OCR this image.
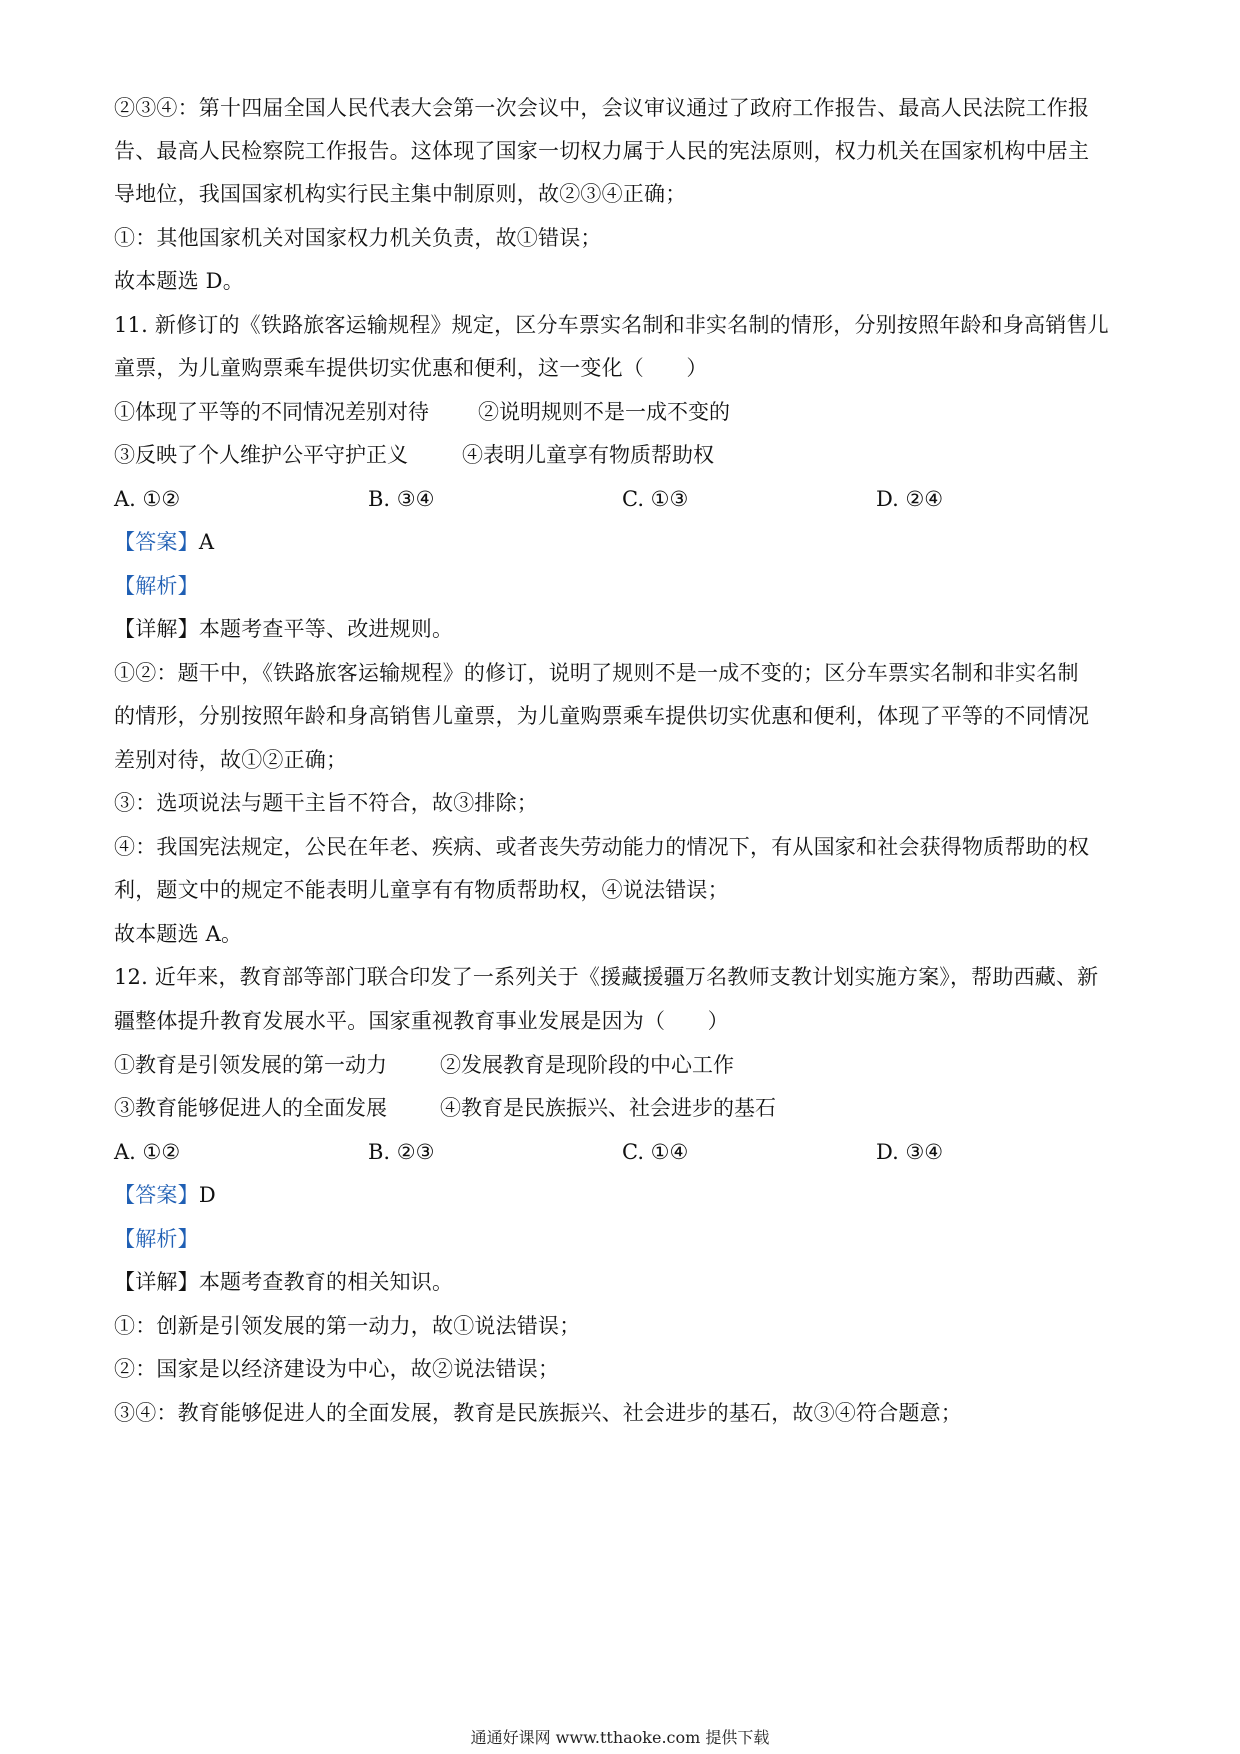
②③④：第十四届全国人民代表大会第一次会议中，会议审议通过了政府工作报告、最高人民法院工作报
告、最高人民检察院工作报告。这体现了国家一切权力属于人民的宪法原则，权力机关在国家机构中居主
导地位，我国国家机构实行民主集中制原则，故②③④正确；
①：其他国家机关对国家权力机关负责，故①错误；
故本题选 D。
11. 新修订的《铁路旅客运输规程》规定，区分车票实名制和非实名制的情形，分别按照年龄和身高销售儿
童票，为儿童购票乘车提供切实优惠和便利，这一变化（　　）
①体现了平等的不同情况差别对待 ②说明规则不是一成不变的
③反映了个人维护公平守护正义	④表明儿童享有物质帮助权
A. ①②	B. ③④	C. ①③	D. ②④
【答案】A
【解析】
【详解】本题考查平等、改进规则。
①②：题干中，《铁路旅客运输规程》的修订，说明了规则不是一成不变的；区分车票实名制和非实名制
的情形，分别按照年龄和身高销售儿童票，为儿童购票乘车提供切实优惠和便利，体现了平等的不同情况
差别对待，故①②正确；
③：选项说法与题干主旨不符合，故③排除；
④：我国宪法规定，公民在年老、疾病、或者丧失劳动能力的情况下，有从国家和社会获得物质帮助的权
利，题文中的规定不能表明儿童享有有物质帮助权，④说法错误；
故本题选 A。
12. 近年来，教育部等部门联合印发了一系列关于《援藏援疆万名教师支教计划实施方案》，帮助西藏、新
疆整体提升教育发展水平。国家重视教育事业发展是因为（　　）
①教育是引领发展的第一动力	②发展教育是现阶段的中心工作
③教育能够促进人的全面发展	④教育是民族振兴、社会进步的基石
A. ①②	B. ②③	C. ①④	D. ③④
【答案】D
【解析】
【详解】本题考查教育的相关知识。
①：创新是引领发展的第一动力，故①说法错误；
②：国家是以经济建设为中心，故②说法错误；
③④：教育能够促进人的全面发展，教育是民族振兴、社会进步的基石，故③④符合题意；
通通好课网 www.tthaoke.com 提供下载
